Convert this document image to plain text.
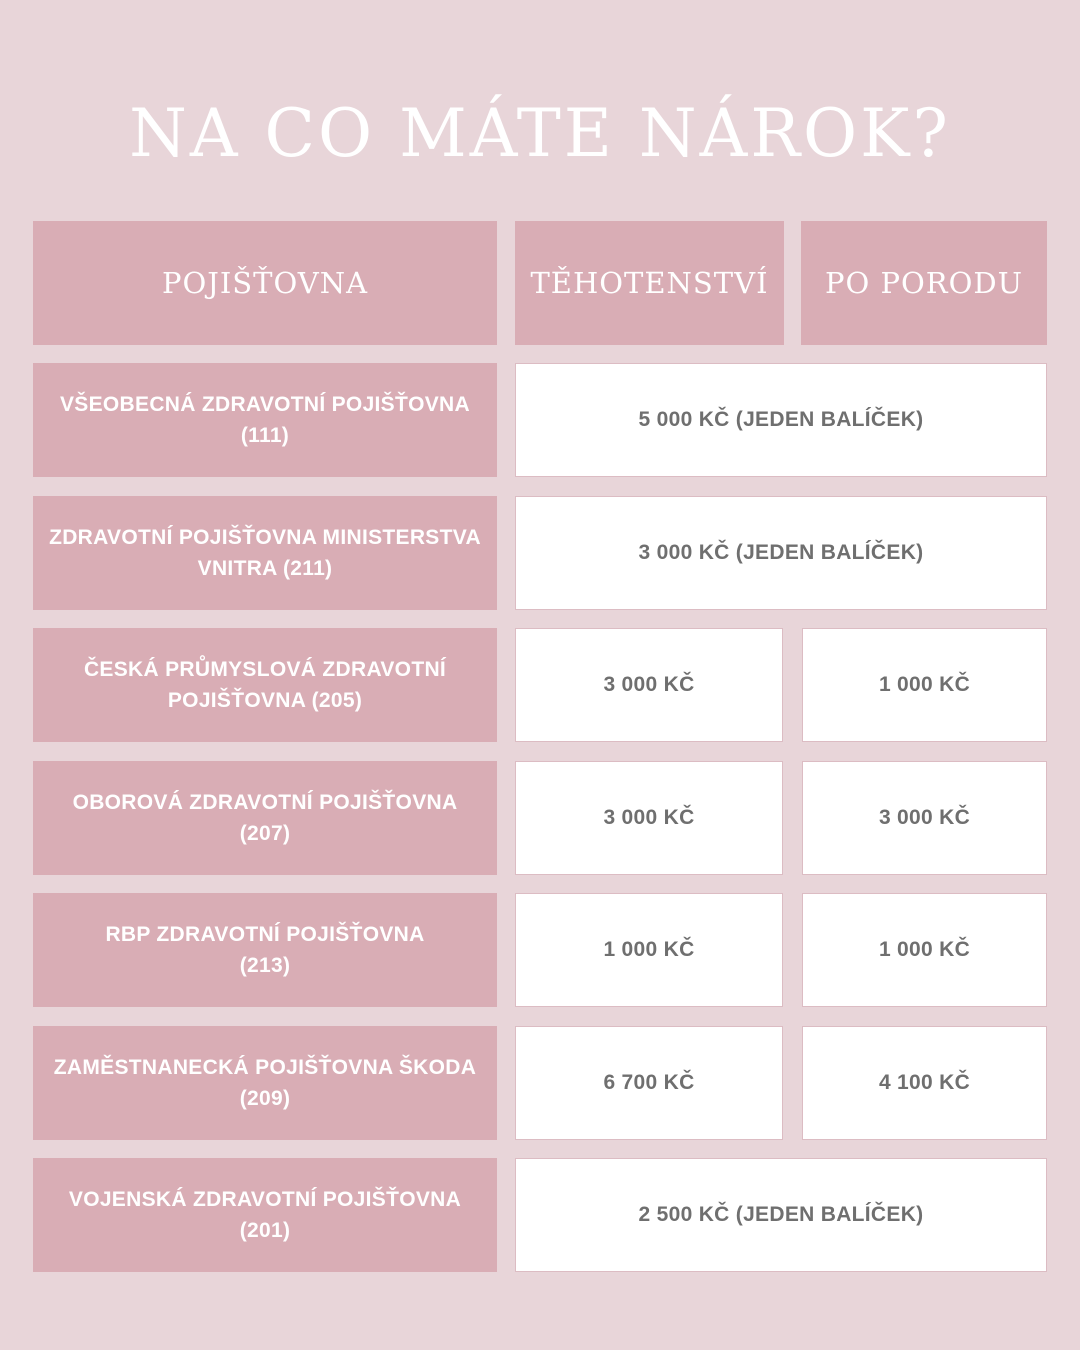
NA CO MÁTE NÁROK?
POJIŠŤOVNA	TĚHOTENSTVÍ	PO PORODU
VŠEOBECNÁ ZDRAVOTNÍ POJIŠŤOVNA
(111)
5 000 KČ (JEDEN BALÍČEK)
ZDRAVOTNÍ POJIŠŤOVNA MINISTERSTVA
VNITRA (211)
3 000 KČ (JEDEN BALÍČEK)
ČESKÁ PRŮMYSLOVÁ ZDRAVOTNÍ
POJIŠŤOVNA (205)
3 000 KČ	1 000 KČ
OBOROVÁ ZDRAVOTNÍ POJIŠŤOVNA
(207)
3 000 KČ	3 000 KČ
RBP ZDRAVOTNÍ POJIŠŤOVNA
(213)
1 000 KČ	1 000 KČ
ZAMĚSTNANECKÁ POJIŠŤOVNA ŠKODA
(209)
6 700 KČ	4 100 KČ
VOJENSKÁ ZDRAVOTNÍ POJIŠŤOVNA
(201)
2 500 KČ (JEDEN BALÍČEK)
